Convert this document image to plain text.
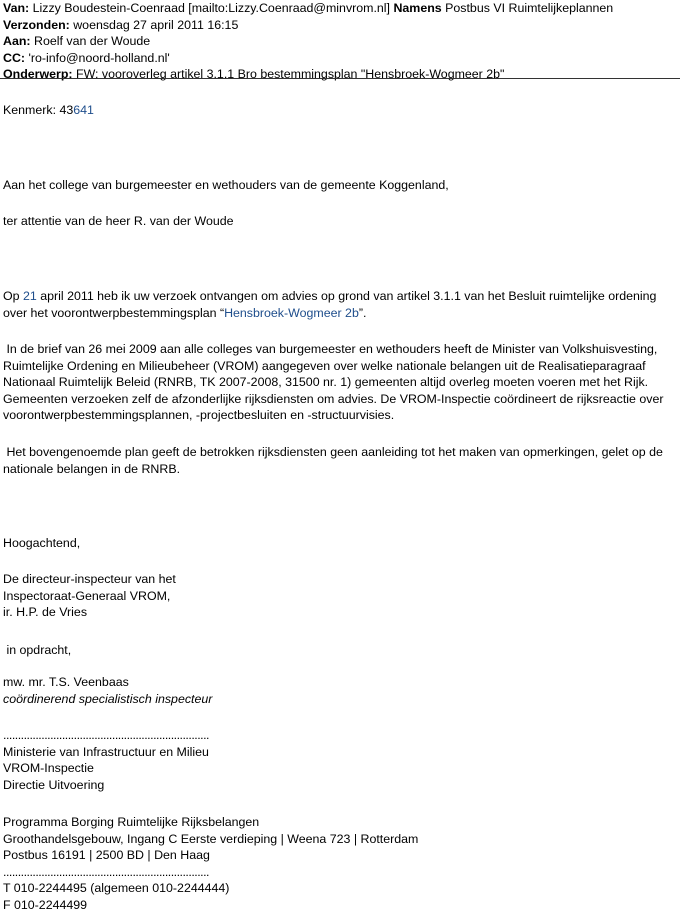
Van: Lizzy Boudestein-Coenraad [mailto:Lizzy.Coenraad@minvrom.nl] Namens Postbus VI Ruimtelijkeplannen
Verzonden: woensdag 27 april 2011 16:15
Aan: Roelf van der Woude
CC: 'ro-info@noord-holland.nl'
Onderwerp: FW: vooroverleg artikel 3.1.1 Bro bestemmingsplan "Hensbroek-Wogmeer 2b"
Kenmerk: 43641
Aan het college van burgemeester en wethouders van de gemeente Koggenland,
ter attentie van de heer R. van der Woude
Op 21 april 2011 heb ik uw verzoek ontvangen om advies op grond van artikel 3.1.1 van het Besluit ruimtelijke ordening
over het voorontwerpbestemmingsplan “Hensbroek-Wogmeer 2b”.
In de brief van 26 mei 2009 aan alle colleges van burgemeester en wethouders heeft de Minister van Volkshuisvesting,
Ruimtelijke Ordening en Milieubeheer (VROM) aangegeven over welke nationale belangen uit de Realisatieparagraaf
Nationaal Ruimtelijk Beleid (RNRB, TK 2007-2008, 31500 nr. 1) gemeenten altijd overleg moeten voeren met het Rijk.
Gemeenten verzoeken zelf de afzonderlijke rijksdiensten om advies. De VROM-Inspectie coördineert de rijksreactie over
voorontwerpbestemmingsplannen, -projectbesluiten en -structuurvisies.
Het bovengenoemde plan geeft de betrokken rijksdiensten geen aanleiding tot het maken van opmerkingen, gelet op de
nationale belangen in de RNRB.
Hoogachtend,
De directeur-inspecteur van het
Inspectoraat-Generaal VROM,
ir. H.P. de Vries
in opdracht,
mw. mr. T.S. Veenbaas
coördinerend specialistisch inspecteur
......................................................................
Ministerie van Infrastructuur en Milieu
VROM-Inspectie
Directie Uitvoering
Programma Borging Ruimtelijke Rijksbelangen
Groothandelsgebouw, Ingang C Eerste verdieping | Weena 723 | Rotterdam
Postbus 16191 | 2500 BD | Den Haag
......................................................................
T 010-2244495 (algemeen 010-2244444)
F 010-2244499
